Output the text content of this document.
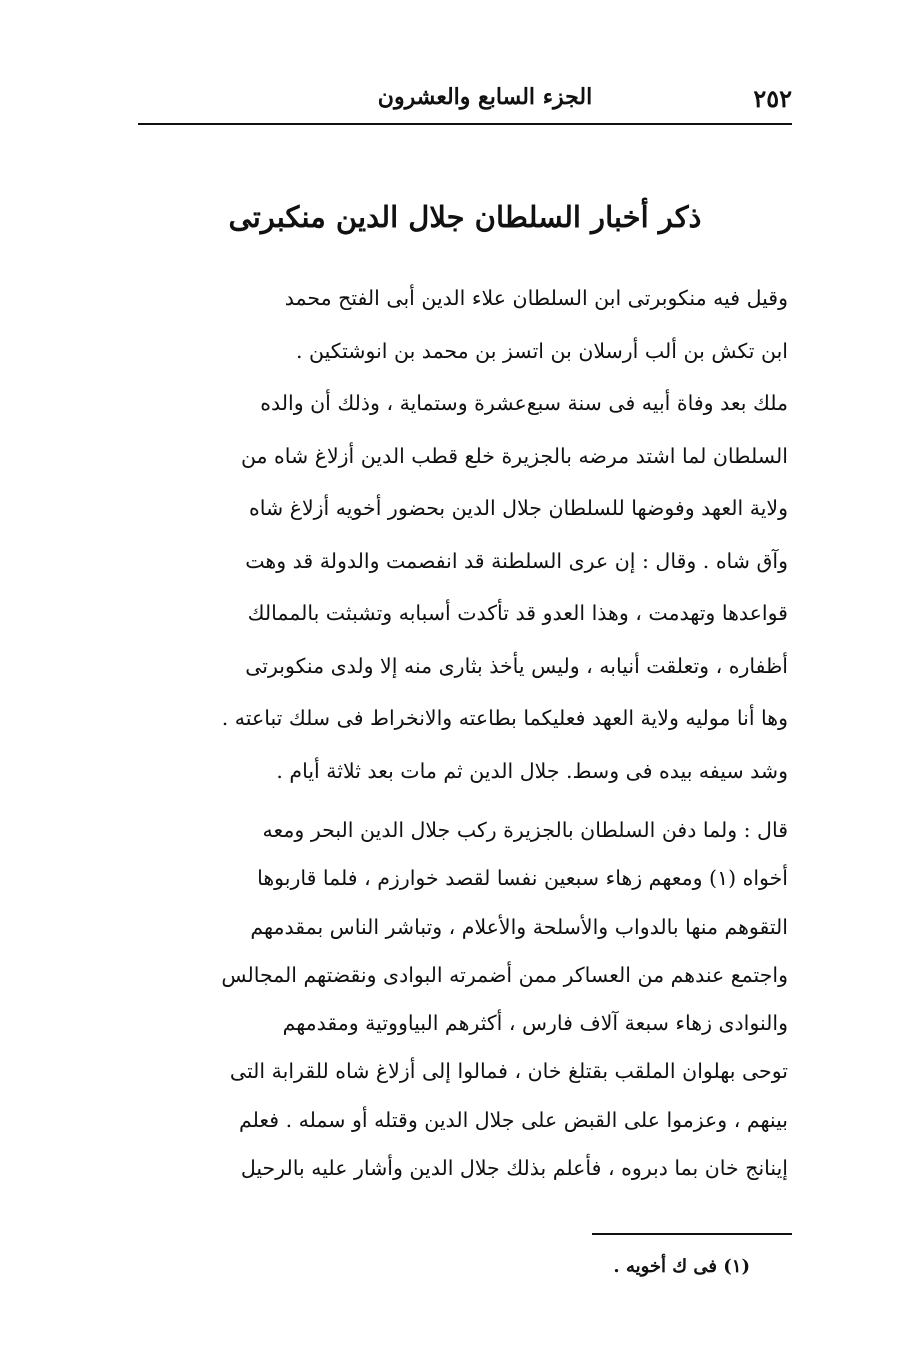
٢٥٢
الجزء السابع والعشرون
ذكر أخبار السلطان جلال الدين منكبرتى
وقيل فيه منكوبرتى ابن السلطان علاء الدين أبى الفتح محمد
ابن تكش بن ألب أرسلان بن اتسز بن محمد بن انوشتكين .
ملك بعد وفاة أبيه فى سنة سبع‌عشرة وستماية ، وذلك أن والده
السلطان لما اشتد مرضه بالجزيرة خلع قطب الدين أزلاغ شاه من
ولاية العهد وفوضها للسلطان جلال الدين بحضور أخويه أزلاغ شاه
وآق شاه . وقال : إن عرى السلطنة قد انفصمت والدولة قد وهت
قواعدها وتهدمت ، وهذا العدو قد تأكدت أسبابه وتشبثت بالممالك
أظفاره ، وتعلقت أنيابه ، وليس يأخذ بثارى منه إلا ولدى منكوبرتى
وها أنا موليه ولاية العهد فعليكما بطاعته والانخراط فى سلك تباعته .
وشد سيفه بيده فى وسط. جلال الدين ثم مات بعد ثلاثة أيام .
قال : ولما دفن السلطان بالجزيرة ركب جلال الدين البحر ومعه
أخواه (١) ومعهم زهاء سبعين نفسا لقصد خوارزم ، فلما قاربوها
التقوهم منها بالدواب والأسلحة والأعلام ، وتباشر الناس بمقدمهم
واجتمع عندهم من العساكر ممن أضمرته البوادى ونقضتهم المجالس
والنوادى زهاء سبعة آلاف فارس ، أكثرهم البياووتية ومقدمهم
توحى بهلوان الملقب بقتلغ خان ، فمالوا إلى أزلاغ شاه للقرابة التى
بينهم ، وعزموا على القبض على جلال الدين وقتله أو سمله . فعلم
إينانج خان بما دبروه ، فأعلم بذلك جلال الدين وأشار عليه بالرحيل
(١) فى ك أخويه .
